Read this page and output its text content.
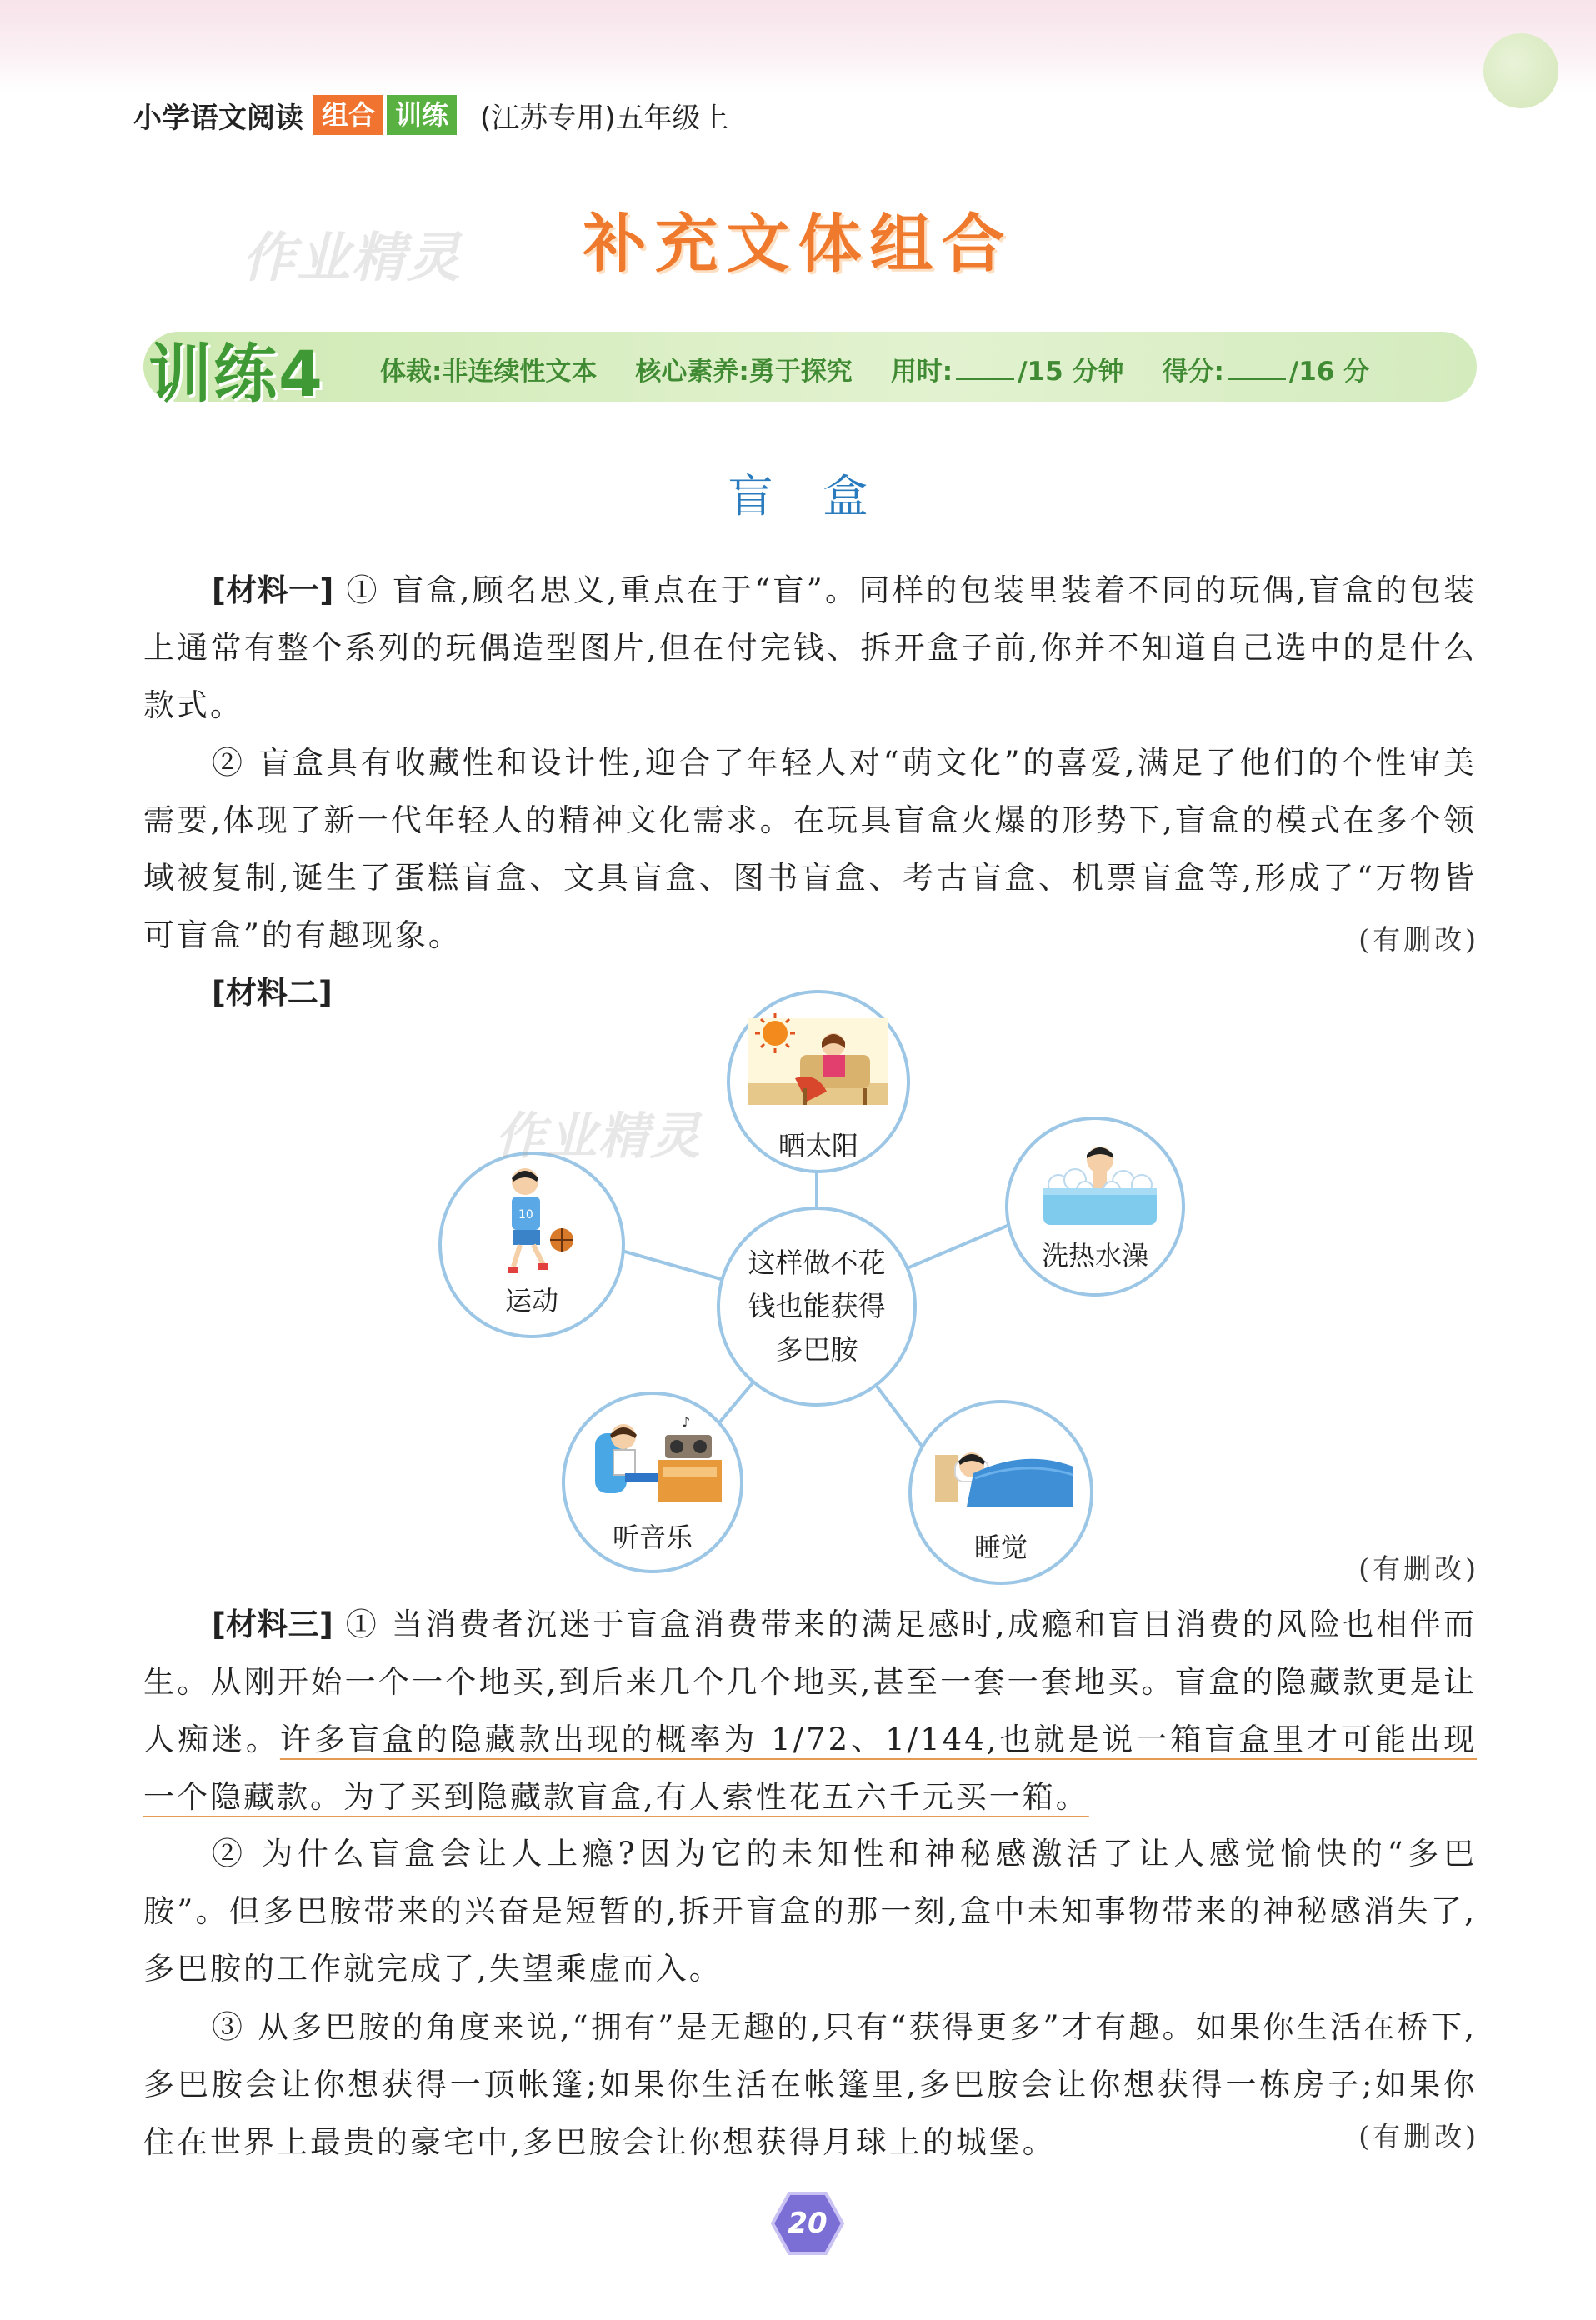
小学语文阅读 组合 训练 (江苏专用)五年级上
作业精灵	补充文体组合
训练4 体裁:非连续性文本
核心素养:勇于探究
用时:	/15 分钟
得分:	/16 分
盲盒
[材料一] ① 盲盒,顾名思义,重点在于“盲”。同样的包装里装着不同的玩偶,盲盒的包装上通常有整个系列的玩偶造型图片,但在付完钱、拆开盒子前,你并不知道自己选中的是什么款式。
② 盲盒具有收藏性和设计性,迎合了年轻人对“萌文化”的喜爱,满足了他们的个性审美需要,体现了新一代年轻人的精神文化需求。在玩具盲盒火爆的形势下,盲盒的模式在多个领域被复制,诞生了蛋糕盲盒、文具盲盒、图书盲盒、考古盲盒、机票盲盒等,形成了“万物皆可盲盒”的有趣现象。	(有删改)
[材料二]
这样做不花
钱也能获得
多巴胺
晒太阳
洗热水澡
睡觉
♪
听音乐
10
运动
作业精灵
(有删改)
[材料三] ① 当消费者沉迷于盲盒消费带来的满足感时,成瘾和盲目消费的风险也相伴而生。从刚开始一个一个地买,到后来几个几个地买,甚至一套一套地买。盲盒的隐藏款更是让人痴迷。许多盲盒的隐藏款出现的概率为 1/72、1/144,也就是说一箱盲盒里才可能出现一个隐藏款。为了买到隐藏款盲盒,有人索性花五六千元买一箱。
② 为什么盲盒会让人上瘾?因为它的未知性和神秘感激活了让人感觉愉快的“多巴胺”。但多巴胺带来的兴奋是短暂的,拆开盲盒的那一刻,盒中未知事物带来的神秘感消失了,多巴胺的工作就完成了,失望乘虚而入。
③ 从多巴胺的角度来说,“拥有”是无趣的,只有“获得更多”才有趣。如果你生活在桥下,多巴胺会让你想获得一顶帐篷;如果你生活在帐篷里,多巴胺会让你想获得一栋房子;如果你住在世界上最贵的豪宅中,多巴胺会让你想获得月球上的城堡。	(有删改)
20
